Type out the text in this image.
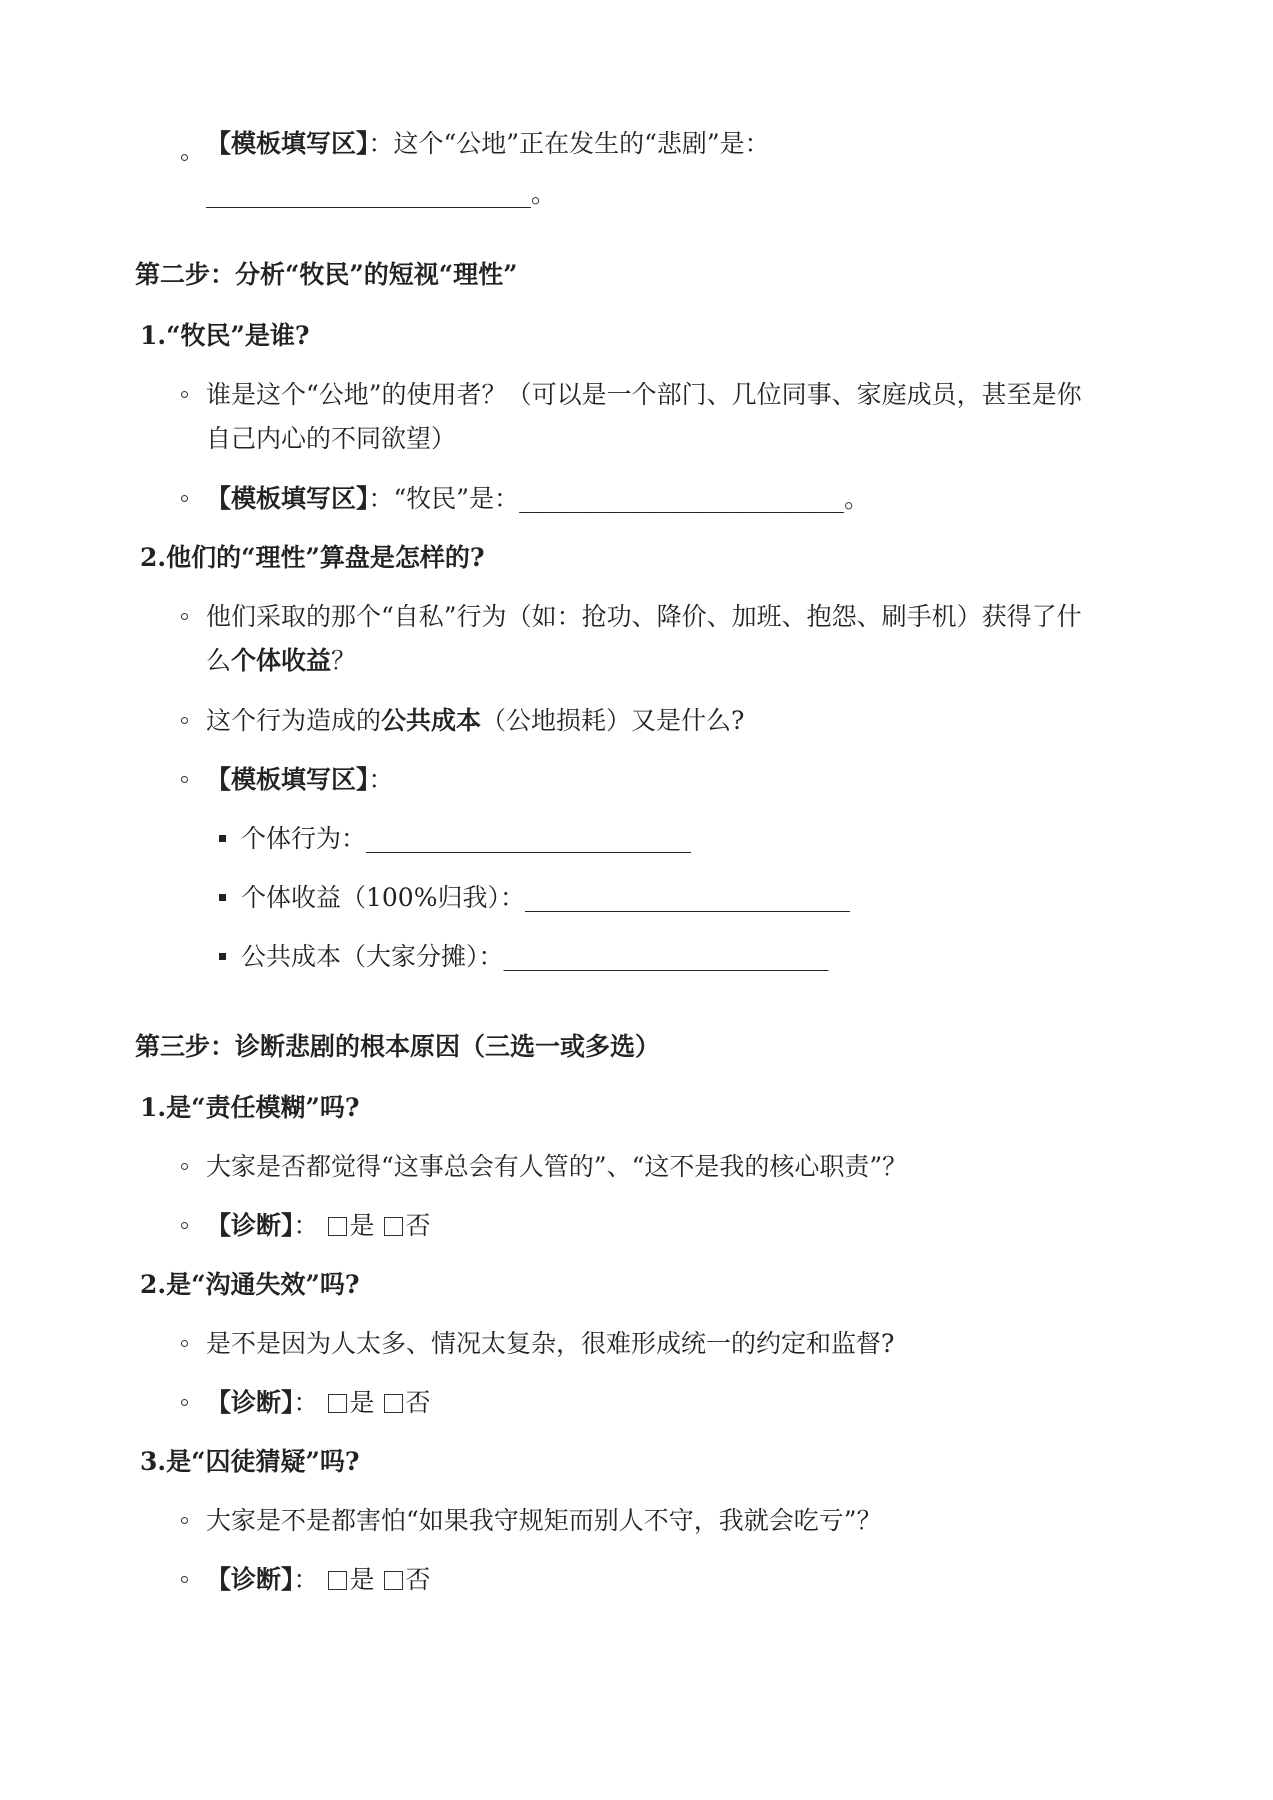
【模板填写区】：这个“公地”正在发生的“悲剧”是：
__________________________。
第二步：分析“牧民”的短视“理性”
1.“牧民”是谁?
谁是这个“公地”的使用者？（可以是一个部门、几位同事、家庭成员，甚至是你
自己内心的不同欲望）
【模板填写区】：“牧民”是：__________________________。
2.他们的“理性”算盘是怎样的?
他们采取的那个“自私”行为（如：抢功、降价、加班、抱怨、刷手机）获得了什
么个体收益？
这个行为造成的公共成本（公地损耗）又是什么?
【模板填写区】：
个体行为：__________________________
个体收益（100%归我）：__________________________
公共成本（大家分摊）：__________________________
第三步：诊断悲剧的根本原因（三选一或多选）
1.是“责任模糊”吗?
大家是否都觉得“这事总会有人管的”、“这不是我的核心职责”？
【诊断】： 是 否
2.是“沟通失效”吗?
是不是因为人太多、情况太复杂，很难形成统一的约定和监督?
【诊断】： 是 否
3.是“囚徒猜疑”吗?
大家是不是都害怕“如果我守规矩而别人不守，我就会吃亏”？
【诊断】： 是 否
